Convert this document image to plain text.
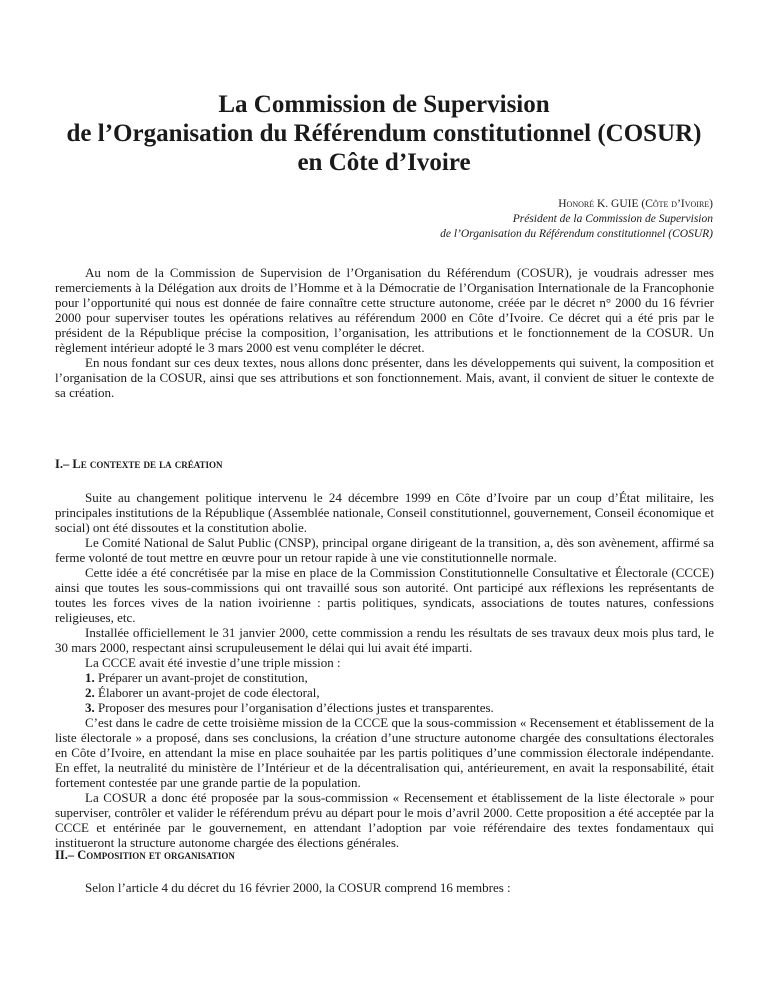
La Commission de Supervision
de l’Organisation du Référendum constitutionnel (COSUR)
en Côte d’Ivoire
Honoré K. GUIE (Côte d’Ivoire)
Président de la Commission de Supervision
de l’Organisation du Référendum constitutionnel (COSUR)

Au nom de la Commission de Supervision de l’Organisation du Référendum (COSUR), je voudrais adresser mes remerciements à la Délégation aux droits de l’Homme et à la Démocratie de l’Organisation Internationale de la Francophonie pour l’opportunité qui nous est donnée de faire connaître cette structure autonome, créée par le décret n° 2000 du 16 février 2000 pour superviser toutes les opérations relatives au référendum 2000 en Côte d’Ivoire. Ce décret qui a été pris par le président de la République précise la composition, l’organisation, les attributions et le fonctionnement de la COSUR. Un règlement intérieur adopté le 3 mars 2000 est venu compléter le décret.

En nous fondant sur ces deux textes, nous allons donc présenter, dans les développements qui suivent, la composition et l’organisation de la COSUR, ainsi que ses attributions et son fonctionnement. Mais, avant, il convient de situer le contexte de sa création.

I.– Le contexte de la création

Suite au changement politique intervenu le 24 décembre 1999 en Côte d’Ivoire par un coup d’État militaire, les principales institutions de la République (Assemblée nationale, Conseil constitutionnel, gouvernement, Conseil économique et social) ont été dissoutes et la constitution abolie.

Le Comité National de Salut Public (CNSP), principal organe dirigeant de la transition, a, dès son avènement, affirmé sa ferme volonté de tout mettre en œuvre pour un retour rapide à une vie constitutionnelle normale.

Cette idée a été concrétisée par la mise en place de la Commission Constitutionnelle Consultative et Électorale (CCCE) ainsi que toutes les sous-commissions qui ont travaillé sous son autorité. Ont participé aux réflexions les représentants de toutes les forces vives de la nation ivoirienne : partis politiques, syndicats, associations de toutes natures, confessions religieuses, etc.

Installée officiellement le 31 janvier 2000, cette commission a rendu les résultats de ses travaux deux mois plus tard, le 30 mars 2000, respectant ainsi scrupuleusement le délai qui lui avait été imparti.

La CCCE avait été investie d’une triple mission :

1. Préparer un avant-projet de constitution,

2. Élaborer un avant-projet de code électoral,

3. Proposer des mesures pour l’organisation d’élections justes et transparentes.

C’est dans le cadre de cette troisième mission de la CCCE que la sous-commission « Recensement et établissement de la liste électorale » a proposé, dans ses conclusions, la création d’une structure autonome chargée des consultations électorales en Côte d’Ivoire, en attendant la mise en place souhaitée par les partis politiques d’une commission électorale indépendante. En effet, la neutralité du ministère de l’Intérieur et de la décentralisation qui, antérieurement, en avait la responsabilité, était fortement contestée par une grande partie de la population.

La COSUR a donc été proposée par la sous-commission « Recensement et établissement de la liste électorale » pour superviser, contrôler et valider le référendum prévu au départ pour le mois d’avril 2000. Cette proposition a été acceptée par la CCCE et entérinée par le gouvernement, en attendant l’adoption par voie référendaire des textes fondamentaux qui institueront la structure autonome chargée des élections générales.

II.– Composition et organisation

Selon l’article 4 du décret du 16 février 2000, la COSUR comprend 16 membres :
